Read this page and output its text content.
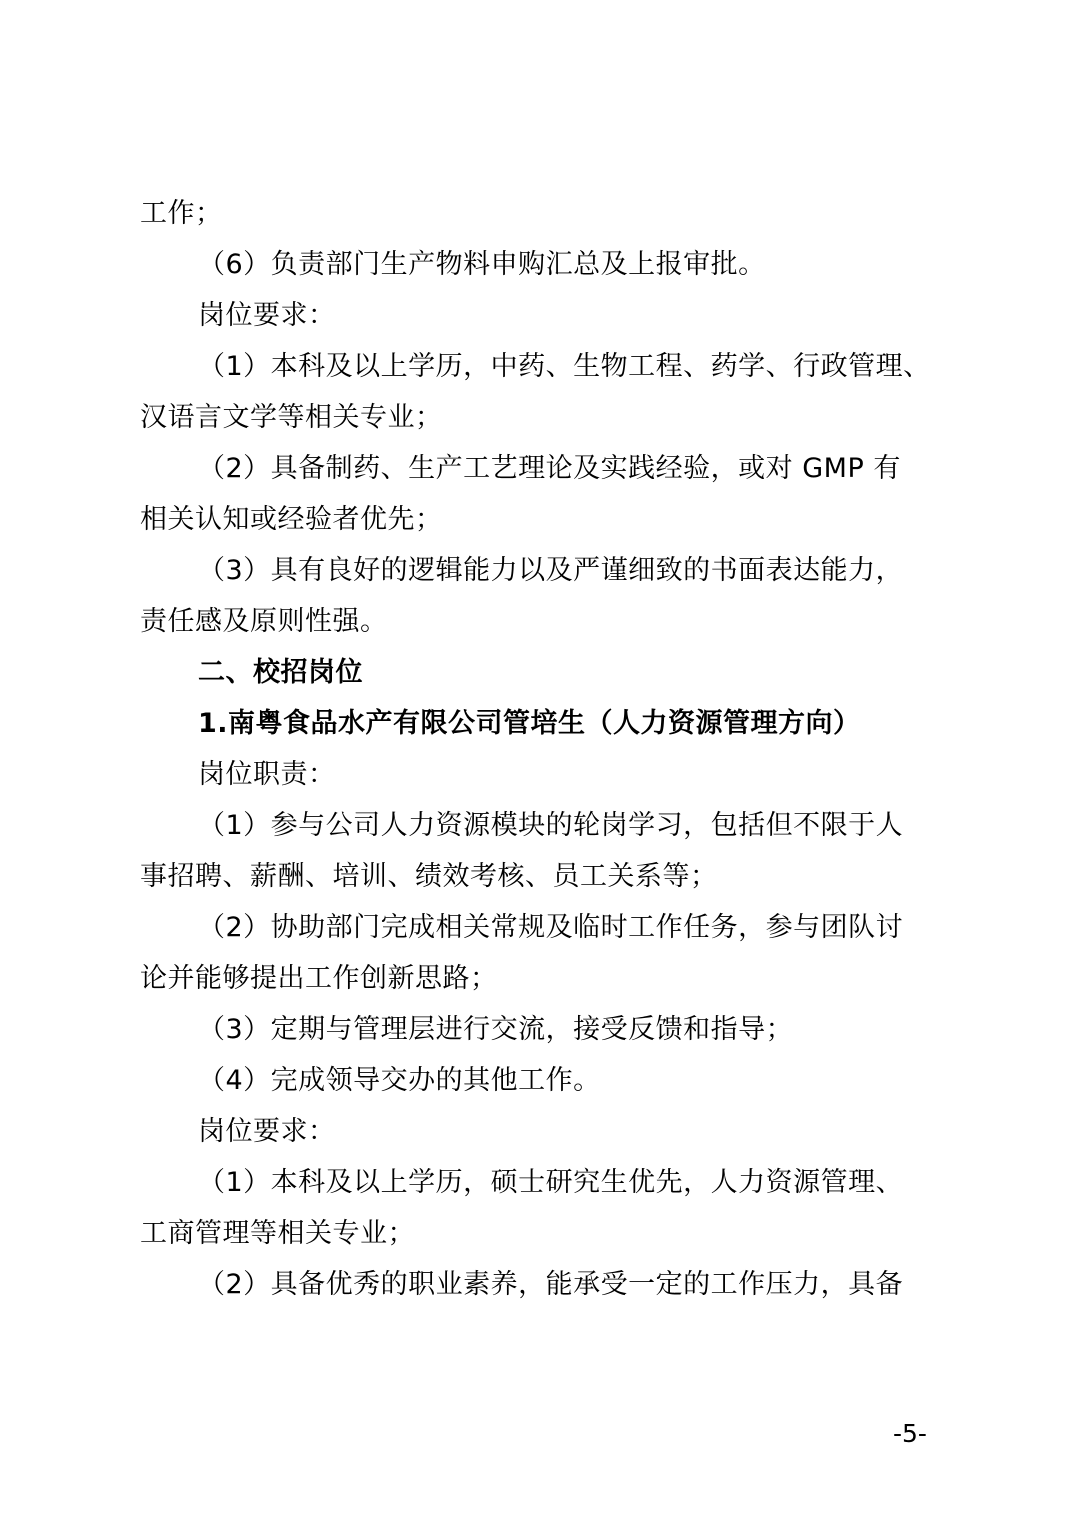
工作；
（6）负责部门生产物料申购汇总及上报审批。
岗位要求：
（1）本科及以上学历，中药、生物工程、药学、行政管理、
汉语言文学等相关专业；
（2）具备制药、生产工艺理论及实践经验，或对 GMP 有
相关认知或经验者优先；
（3）具有良好的逻辑能力以及严谨细致的书面表达能力，
责任感及原则性强。
二、校招岗位
1.南粤食品水产有限公司管培生（人力资源管理方向）
岗位职责：
（1）参与公司人力资源模块的轮岗学习，包括但不限于人
事招聘、薪酬、培训、绩效考核、员工关系等；
（2）协助部门完成相关常规及临时工作任务，参与团队讨
论并能够提出工作创新思路；
（3）定期与管理层进行交流，接受反馈和指导；
（4）完成领导交办的其他工作。
岗位要求：
（1）本科及以上学历，硕士研究生优先，人力资源管理、
工商管理等相关专业；
（2）具备优秀的职业素养，能承受一定的工作压力，具备
-5-
